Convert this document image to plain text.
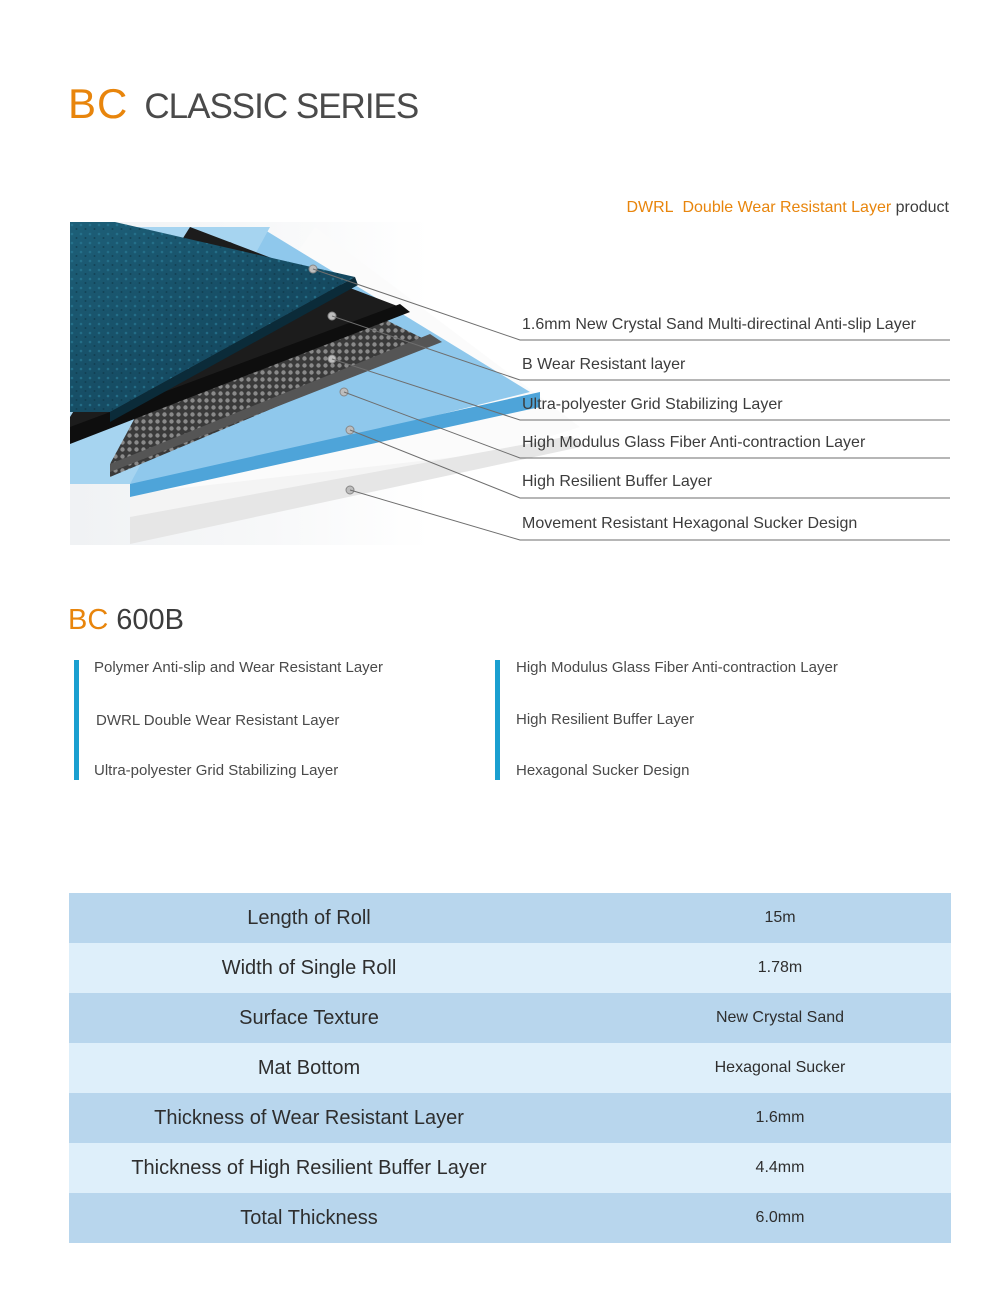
BC CLASSIC SERIES
DWRL Double Wear Resistant Layer product
1.6mm New Crystal Sand Multi-directinal Anti-slip Layer
B Wear Resistant layer
Ultra-polyester Grid Stabilizing Layer
High Modulus Glass Fiber Anti-contraction Layer
High Resilient Buffer Layer
Movement Resistant Hexagonal Sucker Design
BC 600B
Polymer Anti-slip and Wear Resistant Layer
DWRL Double Wear Resistant Layer
Ultra-polyester Grid Stabilizing Layer
High Modulus Glass Fiber Anti-contraction Layer
High Resilient Buffer Layer
Hexagonal Sucker Design
Length of Roll	15m
Width of Single Roll	1.78m
Surface Texture	New Crystal Sand
Mat Bottom	Hexagonal Sucker
Thickness of Wear Resistant Layer	1.6mm
Thickness of High Resilient Buffer Layer	4.4mm
Total Thickness	6.0mm
